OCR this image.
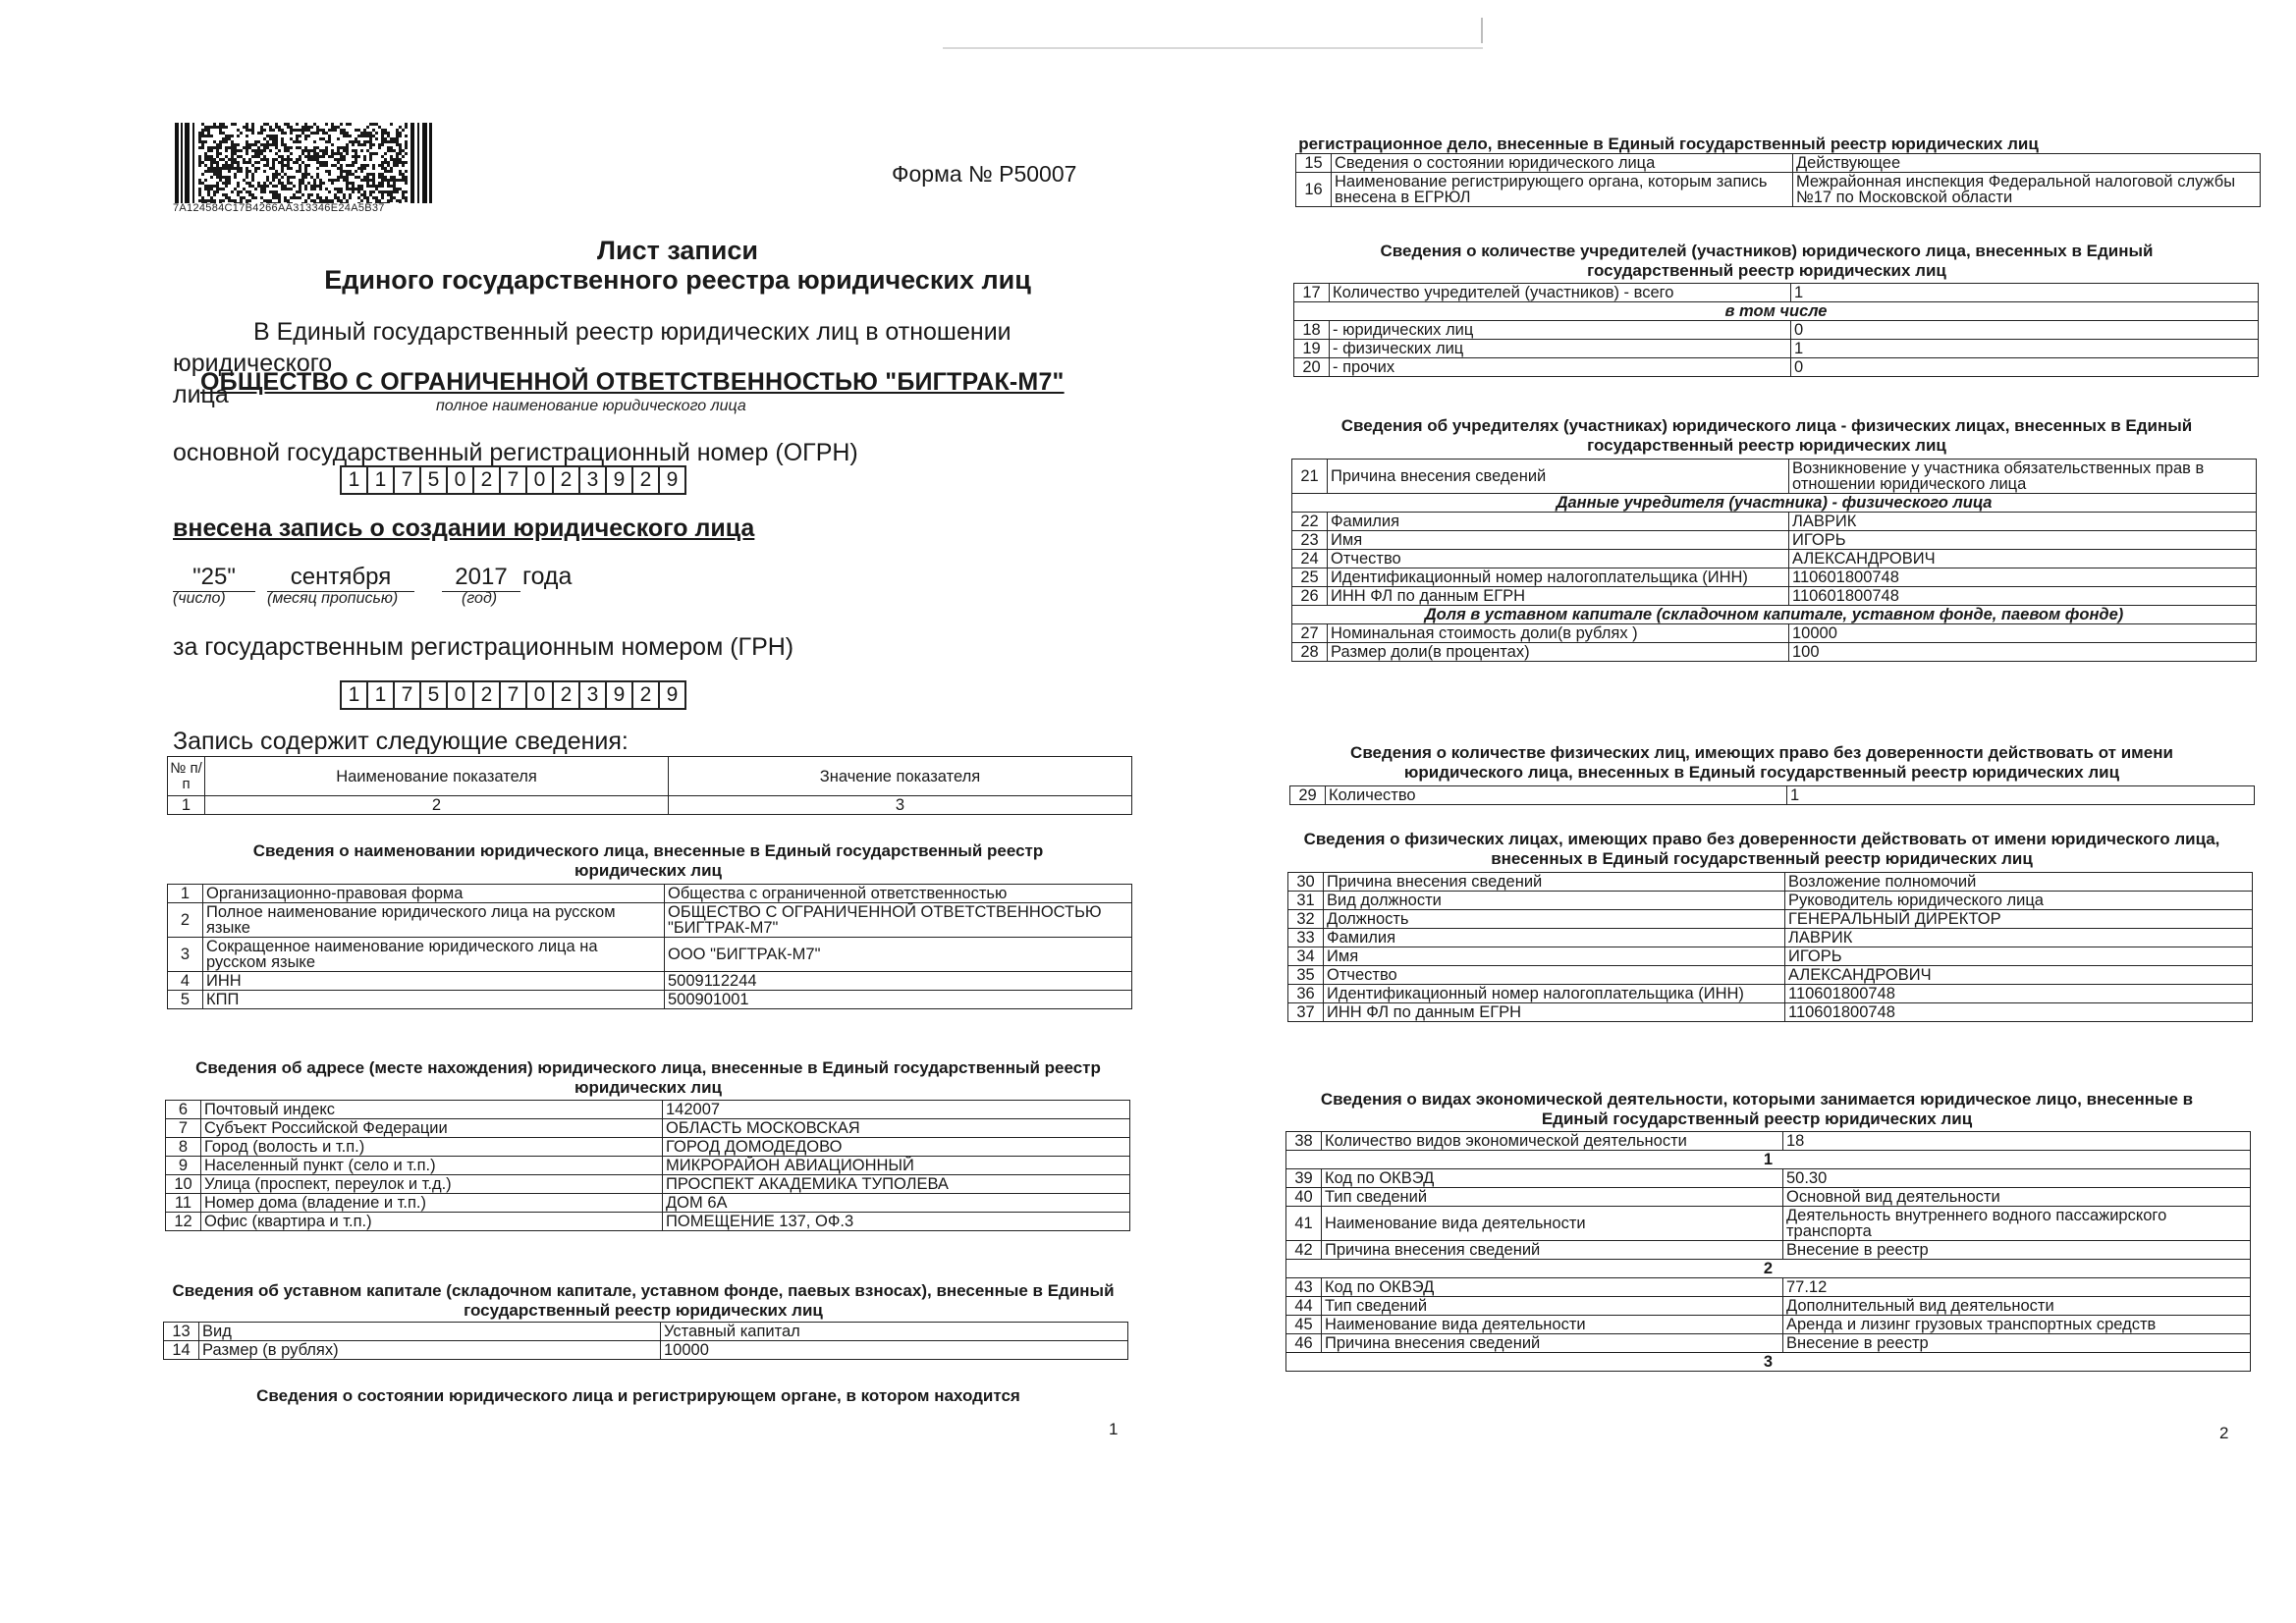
7A124584C17B4266AA313346E24A5B37
Форма № Р50007
Лист записи
Единого государственного реестра юридических лиц
В Единый государственный реестр юридических лиц в отношении юридического
лица
ОБЩЕСТВО С ОГРАНИЧЕННОЙ ОТВЕТСТВЕННОСТЬЮ "БИГТРАК-М7"
полное наименование юридического лица
основной государственный регистрационный номер (ОГРН)
1 1 7 5 0 2 7 0 2 3 9 2 9
внесена запись о создании юридического лица
"25"	сентября	2017 года
(число)	(месяц прописью)	(год)
за государственным регистрационным номером (ГРН)
1 1 7 5 0 2 7 0 2 3 9 2 9
Запись содержит следующие сведения:
№ п/п	Наименование показателя	Значение показателя
1	2	3
Сведения о наименовании юридического лица, внесенные в Единый государственный реестр юридических лиц
1	Организационно-правовая форма	Общества с ограниченной ответственностью
2	Полное наименование юридического лица на русском языке	ОБЩЕСТВО С ОГРАНИЧЕННОЙ ОТВЕТСТВЕННОСТЬЮ "БИГТРАК-М7"
3	Сокращенное наименование юридического лица на русском языке	ООО "БИГТРАК-М7"
4	ИНН	5009112244
5	КПП	500901001
Сведения об адресе (месте нахождения) юридического лица, внесенные в Единый государственный реестр юридических лиц
6	Почтовый индекс	142007
7	Субъект Российской Федерации	ОБЛАСТЬ МОСКОВСКАЯ
8	Город (волость и т.п.)	ГОРОД ДОМОДЕДОВО
9	Населенный пункт (село и т.п.)	МИКРОРАЙОН АВИАЦИОННЫЙ
10	Улица (проспект, переулок и т.д.)	ПРОСПЕКТ АКАДЕМИКА ТУПОЛЕВА
11	Номер дома (владение и т.п.)	ДОМ 6А
12	Офис (квартира и т.п.)	ПОМЕЩЕНИЕ 137, ОФ.3
Сведения об уставном капитале (складочном капитале, уставном фонде, паевых взносах), внесенные в Единый государственный реестр юридических лиц
13	Вид	Уставный капитал
14	Размер (в рублях)	10000
Сведения о состоянии юридического лица и регистрирующем органе, в котором находится
1
регистрационное дело, внесенные в Единый государственный реестр юридических лиц
15	Сведения о состоянии юридического лица	Действующее
16	Наименование регистрирующего органа, которым запись внесена в ЕГРЮЛ	Межрайонная инспекция Федеральной налоговой службы №17 по Московской области
Сведения о количестве учредителей (участников) юридического лица, внесенных в Единый государственный реестр юридических лиц
17	Количество учредителей (участников) - всего	1
в том числе		
18	- юридических лиц	0
19	- физических лиц	1
20	- прочих	0
Сведения об учредителях (участниках) юридического лица - физических лицах, внесенных в Единый государственный реестр юридических лиц
21	Причина внесения сведений	Возникновение у участника обязательственных прав в отношении юридического лица
Данные учредителя (участника) - физического лица		
22	Фамилия	ЛАВРИК
23	Имя	ИГОРЬ
24	Отчество	АЛЕКСАНДРОВИЧ
25	Идентификационный номер налогоплательщика (ИНН)	110601800748
26	ИНН ФЛ по данным ЕГРН	110601800748
Доля в уставном капитале (складочном капитале, уставном фонде, паевом фонде)		
27	Номинальная стоимость доли(в рублях )	10000
28	Размер доли(в процентах)	100
Сведения о количестве физических лиц, имеющих право без доверенности действовать от имени юридического лица, внесенных в Единый государственный реестр юридических лиц
29	Количество	1
Сведения о физических лицах, имеющих право без доверенности действовать от имени юридического лица, внесенных в Единый государственный реестр юридических лиц
30	Причина внесения сведений	Возложение полномочий
31	Вид должности	Руководитель юридического лица
32	Должность	ГЕНЕРАЛЬНЫЙ ДИРЕКТОР
33	Фамилия	ЛАВРИК
34	Имя	ИГОРЬ
35	Отчество	АЛЕКСАНДРОВИЧ
36	Идентификационный номер налогоплательщика (ИНН)	110601800748
37	ИНН ФЛ по данным ЕГРН	110601800748
Сведения о видах экономической деятельности, которыми занимается юридическое лицо, внесенные в Единый государственный реестр юридических лиц
38	Количество видов экономической деятельности	18
1		
39	Код по ОКВЭД	50.30
40	Тип сведений	Основной вид деятельности
41	Наименование вида деятельности	Деятельность внутреннего водного пассажирского транспорта
42	Причина внесения сведений	Внесение в реестр
2		
43	Код по ОКВЭД	77.12
44	Тип сведений	Дополнительный вид деятельности
45	Наименование вида деятельности	Аренда и лизинг грузовых транспортных средств
46	Причина внесения сведений	Внесение в реестр
3		
2
